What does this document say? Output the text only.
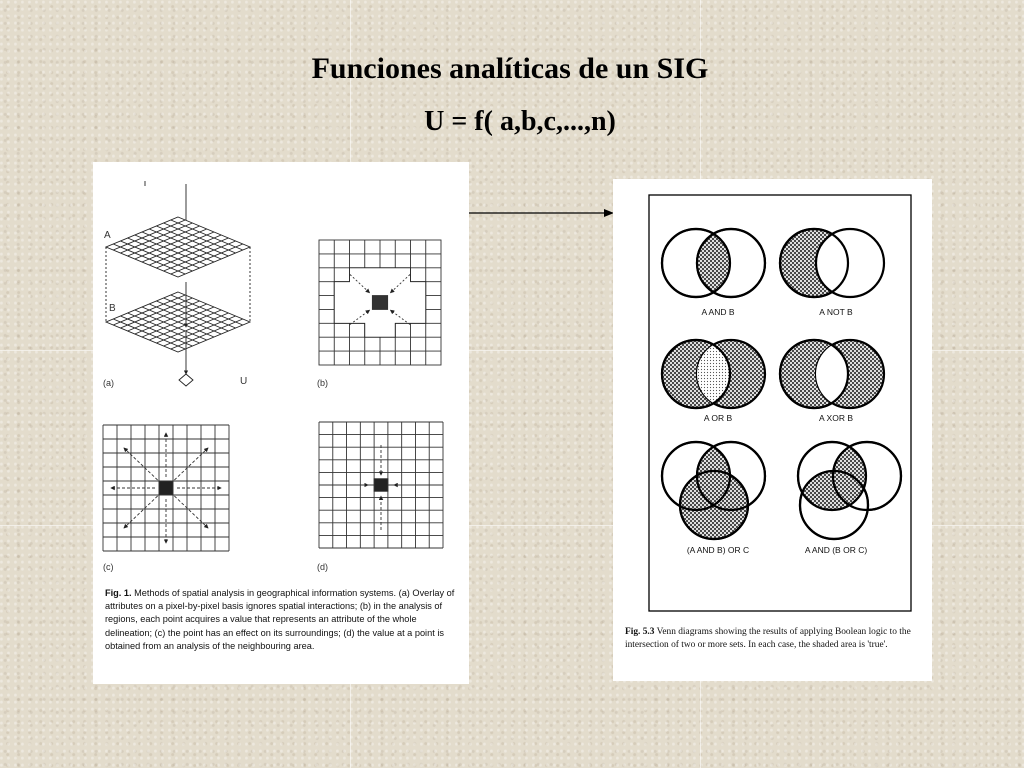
Funciones analíticas de un SIG
U = f( a,b,c,...,n)
A
B
U
(a)	(b)
(c)	(d)
Fig. 1. Methods of spatial analysis in geographical information systems. (a) Overlay of attributes on a pixel-by-pixel basis ignores spatial interactions; (b) in the analysis of regions, each point acquires a value that represents an attribute of the whole delineation; (c) the point has an effect on its surroundings; (d) the value at a point is obtained from an analysis of the neighbouring area.
A AND B	A NOT B
A OR B	A XOR B
(A AND B) OR C	A AND (B OR C)
Fig. 5.3 Venn diagrams showing the results of applying Boolean logic to the intersection of two or more sets. In each case, the shaded area is 'true'.
